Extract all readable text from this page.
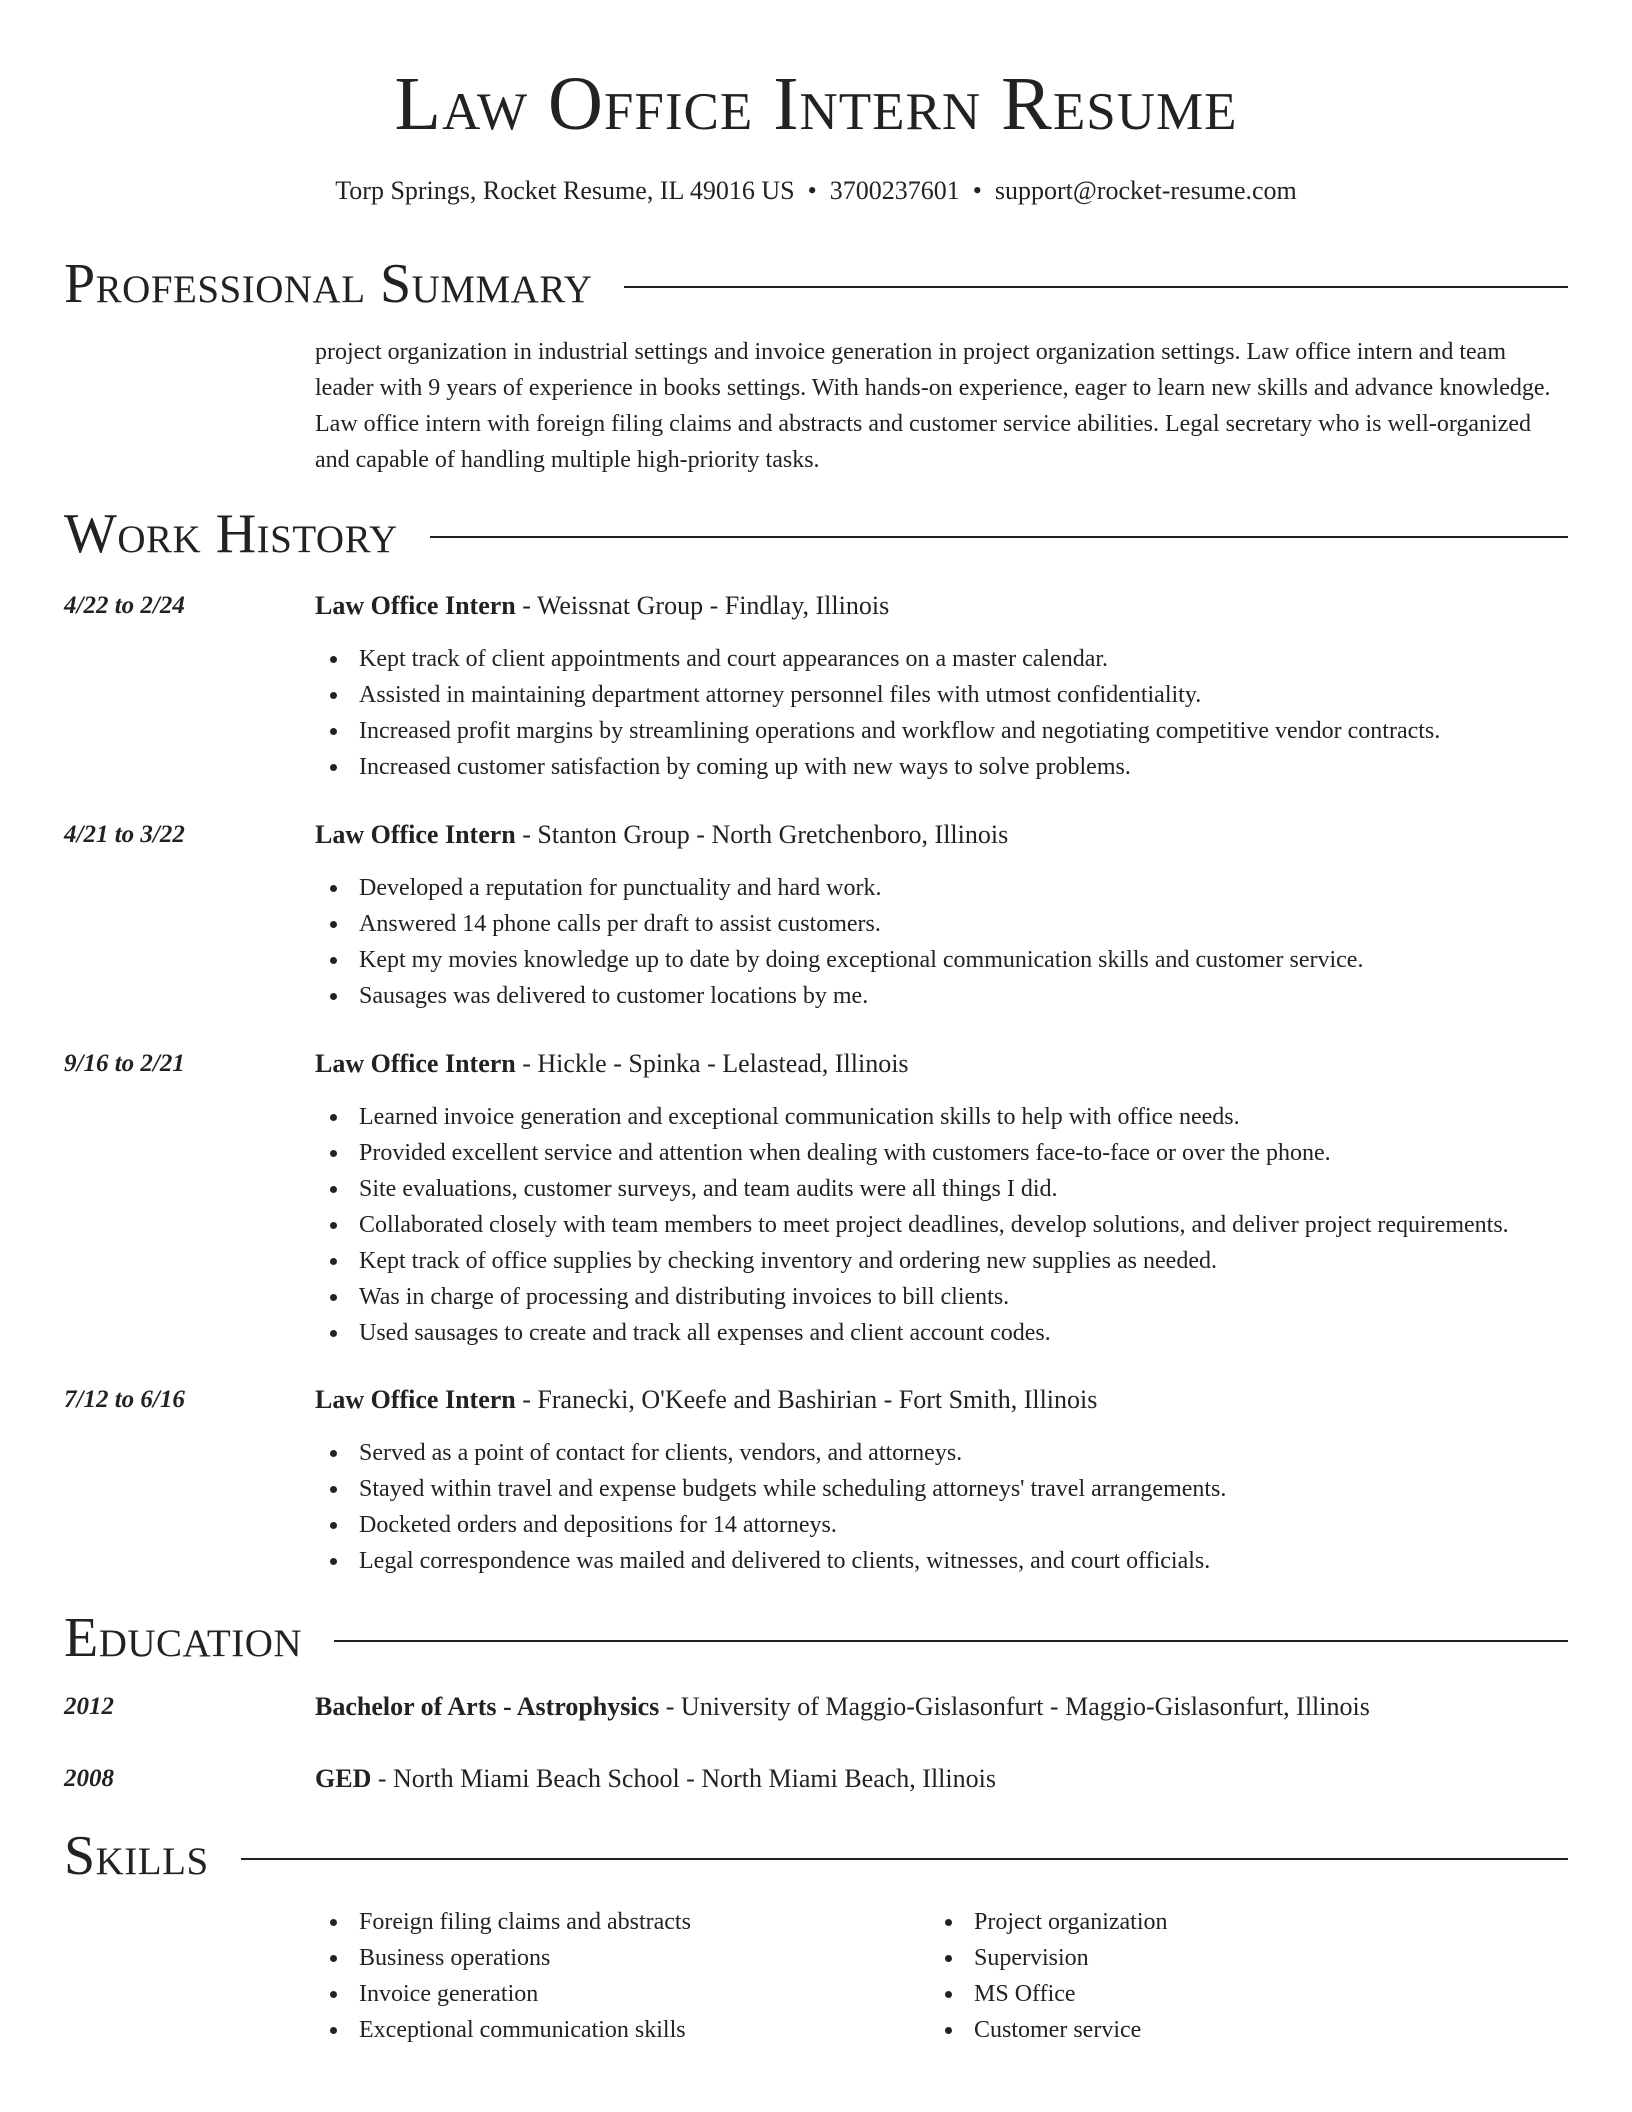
Law Office Intern Resume
Torp Springs, Rocket Resume, IL 49016 US • 3700237601 • support@rocket-resume.com
Professional Summary
project organization in industrial settings and invoice generation in project organization settings. Law office intern and team leader with 9 years of experience in books settings. With hands-on experience, eager to learn new skills and advance knowledge. Law office intern with foreign filing claims and abstracts and customer service abilities. Legal secretary who is well-organized and capable of handling multiple high-priority tasks.
Work History
4/22 to 2/24	Law Office Intern - Weissnat Group - Findlay, Illinois
Kept track of client appointments and court appearances on a master calendar.
Assisted in maintaining department attorney personnel files with utmost confidentiality.
Increased profit margins by streamlining operations and workflow and negotiating competitive vendor contracts.
Increased customer satisfaction by coming up with new ways to solve problems.
4/21 to 3/22	Law Office Intern - Stanton Group - North Gretchenboro, Illinois
Developed a reputation for punctuality and hard work.
Answered 14 phone calls per draft to assist customers.
Kept my movies knowledge up to date by doing exceptional communication skills and customer service.
Sausages was delivered to customer locations by me.
9/16 to 2/21	Law Office Intern - Hickle - Spinka - Lelastead, Illinois
Learned invoice generation and exceptional communication skills to help with office needs.
Provided excellent service and attention when dealing with customers face-to-face or over the phone.
Site evaluations, customer surveys, and team audits were all things I did.
Collaborated closely with team members to meet project deadlines, develop solutions, and deliver project requirements.
Kept track of office supplies by checking inventory and ordering new supplies as needed.
Was in charge of processing and distributing invoices to bill clients.
Used sausages to create and track all expenses and client account codes.
7/12 to 6/16	Law Office Intern - Franecki, O'Keefe and Bashirian - Fort Smith, Illinois
Served as a point of contact for clients, vendors, and attorneys.
Stayed within travel and expense budgets while scheduling attorneys' travel arrangements.
Docketed orders and depositions for 14 attorneys.
Legal correspondence was mailed and delivered to clients, witnesses, and court officials.
Education
2012	Bachelor of Arts - Astrophysics - University of Maggio-Gislasonfurt - Maggio-Gislasonfurt, Illinois
2008	GED - North Miami Beach School - North Miami Beach, Illinois
Skills
Foreign filing claims and abstracts
Business operations
Invoice generation
Exceptional communication skills
Project organization
Supervision
MS Office
Customer service
